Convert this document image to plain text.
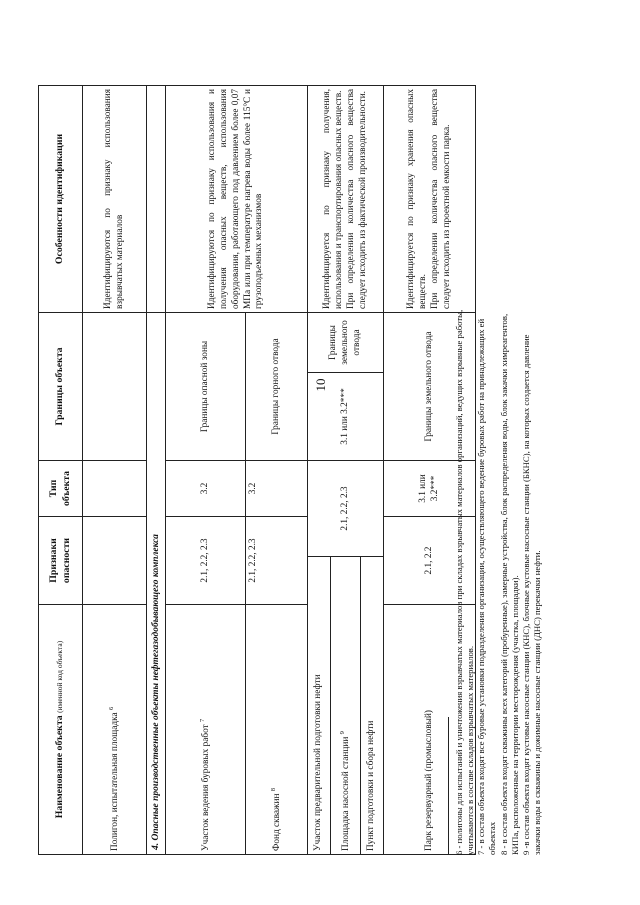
10
Наименование объекта (именной код объекта)	Признаки опасности		Тип объекта	Границы объекта		Особенности идентификации
Полигон, испытательная площадка $^6$						Идентифицируются по признаку использования взрывчатых материалов
4. Опасные производственные объекты нефтегазодобывающего комплекса						
Участок ведения буровых работ $^7$	2.1, 2.2, 2.3		3.2	Границы опасной зоны		Идентифицируются по признаку использования и получения опасных веществ, использования оборудования, работающего под давлением более 0,07 МПа или при температуре нагрева воды более 115°С и грузоподъемных механизмов
Фонд скважин $^8$	2.1, 2.2, 2.3		3.2	Границы горного отвода		
Участок предварительной подготовки нефти		2.1, 2.2, 2.3		3.1 или 3.2***	Границы земельного отвода	Идентифицируется по признаку получения, использования и транспортирования опасных веществ. При определении количества опасного вещества следует исходить из фактической производительности.

Площадка насосной станции $^9$
Пункт подготовки и сбора нефти						
Парк резервуарный (промысловый)	2.1, 2.2		3.1 или 3.2***	Границы земельного отвода		Идентифицируется по признаку хранения опасных веществ. При определении количества опасного вещества следует исходить из проектной емкости парка.

6 - полигоны для испытаний и уничтожения взрывчатых материалов при складах взрывчатых материалов организаций, ведущих взрывные работы, учитываются в составе складов взрывчатых материалов. 7 - в состав объекта входят все буровые установки подразделения организации, осуществляющего ведение буровых работ на принадлежащих ей объектах 8 - в состав объекта входят скважины всех категорий (пробуренные), замерные устройства, блок распределения воды, блок закачки химреагентов, КИПа, расположенные на территории месторождения (участка, площадки). 9 -в состав объекта входят кустовые насосные станции (КНС), блочные кустовые насосные станции (БКНС), на которых создается давление закачки воды в скважины и дожимные насосные станции (ДНС) перекачки нефти.
